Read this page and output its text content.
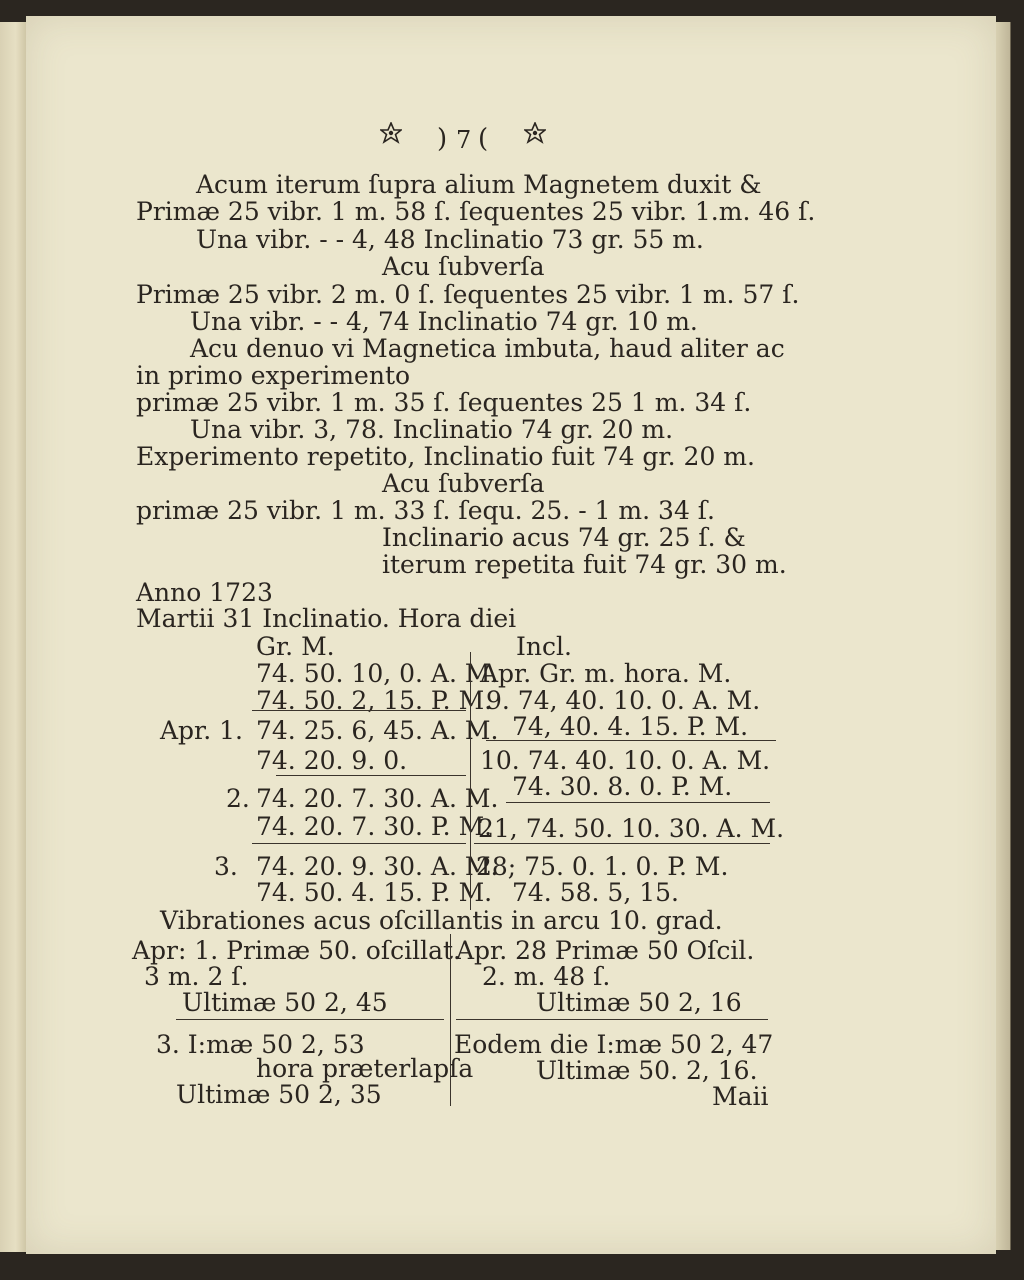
) 7 (
Acum iterum ſupra alium Magnetem duxit &
Primæ 25 vibr. 1 m. 58 ſ. ſequentes 25 vibr. 1.m. 46 ſ.
Una vibr. - - 4, 48 Inclinatio 73 gr. 55 m.
Acu ſubverſa
Primæ 25 vibr. 2 m. 0 ſ. ſequentes 25 vibr. 1 m. 57 ſ.
Una vibr. - - 4, 74 Inclinatio 74 gr. 10 m.
Acu denuo vi Magnetica imbuta, haud aliter ac
in primo experimento
primæ 25 vibr. 1 m. 35 ſ. ſequentes 25 1 m. 34 ſ.
Una vibr. 3, 78. Inclinatio 74 gr. 20 m.
Experimento repetito, Inclinatio fuit 74 gr. 20 m.
Acu ſubverſa
primæ 25 vibr. 1 m. 33 ſ. ſequ. 25. - 1 m. 34 ſ.
Inclinario acus 74 gr. 25 ſ. &
iterum repetita fuit 74 gr. 30 m.
Anno 1723
Martii 31 Inclinatio. Hora diei
Gr. M.	Incl.
74. 50. 10, 0. A. M.
74. 50. 2, 15. P. M.
Apr. 1. 74. 25. 6, 45. A. M.
74. 20. 9. 0.
2. 74. 20. 7. 30. A. M.
74. 20. 7. 30. P. M.
3. 74. 20. 9. 30. A. M.
74. 50. 4. 15. P. M.
Apr. Gr. m. hora. M.
9. 74, 40. 10. 0. A. M.
74, 40. 4. 15. P. M.
10. 74. 40. 10. 0. A. M.
74. 30. 8. 0. P. M.
21, 74. 50. 10. 30. A. M.
28; 75. 0. 1. 0. P. M.
74. 58. 5, 15.
Vibrationes acus oſcillantis in arcu 10. grad.
Apr: 1. Primæ 50. oſcillat.
3 m. 2 ſ.
Ultimæ 50 2, 45
3. I:mæ 50 2, 53
hora præterlapſa
Ultimæ 50 2, 35
Apr. 28 Primæ 50 Oſcil.
2. m. 48 ſ.
Ultimæ 50 2, 16
Eodem die I:mæ 50 2, 47
Ultimæ 50. 2, 16.
Maii
